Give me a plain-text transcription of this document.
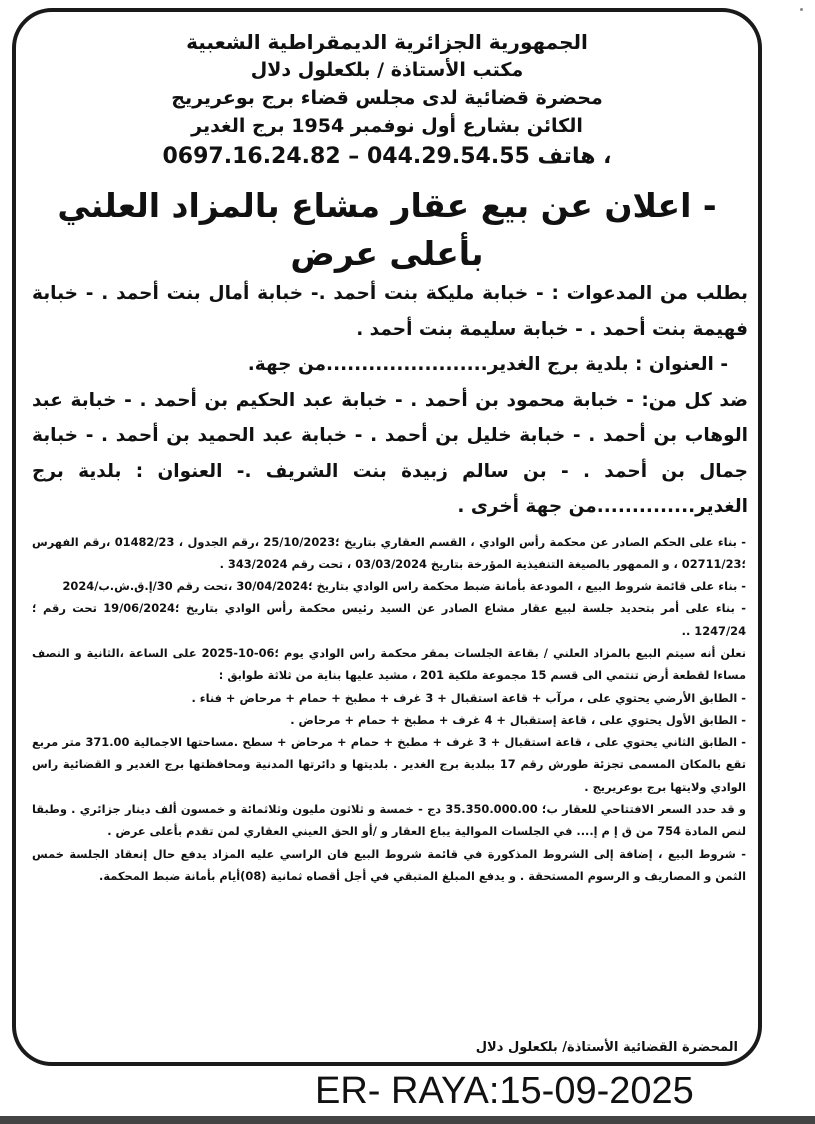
الجمهورية الجزائرية الديمقراطية الشعبية
مكتب الأستاذة / بلكعلول دلال
محضرة قضائية لدى مجلس قضاء برج بوعريريج
الكائن بشارع أول نوفمبر 1954 برج الغدير
، هاتف 0697.16.24.82 – 044.29.54.55
- اعلان عن بيع عقار مشاع بالمزاد العلني
بأعلى عرض
بطلب من المدعوات : - خبابة مليكة بنت أحمد .- خبابة أمال بنت أحمد . - خبابة فهيمة بنت أحمد . - خبابة سليمة بنت أحمد .
- العنوان : بلدية برج الغدير.......................من جهة.
ضد كل من: - خبابة محمود بن أحمد . - خبابة عبد الحكيم بن أحمد . - خبابة عبد الوهاب بن أحمد . - خبابة خليل بن أحمد . - خبابة عبد الحميد بن أحمد . - خبابة جمال بن أحمد . - بن سالم زبيدة بنت الشريف .- العنوان : بلدية برج الغدير..............من جهة أخرى .

- بناء على الحكم الصادر عن محكمة رأس الوادي ، القسم العقاري بتاريخ ؛25/10/2023 ،رقم الجدول ، 01482/23 ،رقم الفهرس ؛02711/23 ، و الممهور بالصيغة التنفيذية المؤرخة بتاريخ 03/03/2024 ، تحت رقم 343/2024 .

- بناء على قائمة شروط البيع ، المودعة بأمانة ضبط محكمة راس الوادي بتاريخ ؛30/04/2024 ،تحت رقم 30/إ.ق.ش.ب/2024

- بناء على أمر بتحديد جلسة لبيع عقار مشاع الصادر عن السيد رئيس محكمة رأس الوادي بتاريخ ؛19/06/2024 تحت رقم ؛1247/24 ..

نعلن أنه سيتم البيع بالمزاد العلني / بقاعة الجلسات بمقر محكمة راس الوادي يوم ؛06-10-2025 على الساعة ،الثانية و النصف مساءا لقطعة أرض تنتمي الى قسم 15 مجموعة ملكية 201 ، مشيد عليها بناية من ثلاثة طوابق :

- الطابق الأرضي يحتوي على ، مرآب + قاعة استقبال + 3 غرف + مطبخ + حمام + مرحاض + فناء .

- الطابق الأول يحتوي على ، قاعة إستقبال + 4 غرف + مطبخ + حمام + مرحاض .

- الطابق الثاني يحتوي على ، قاعة استقبال + 3 غرف + مطبخ + حمام + مرحاض + سطح .مساحتها الاجمالية 371.00 متر مربع تقع بالمكان المسمى تجزئة طورش رقم 17 ببلدية برج الغدير . بلديتها و دائرتها المدنية ومحافظتها برج الغدير و القضائية راس الوادي ولايتها برج بوعريريج .

و قد حدد السعر الافتتاحي للعقار ب؛ 35.350.000.00 دج - خمسة و ثلاثون مليون وثلاثمائة و خمسون ألف دينار جزائري . وطبقا لنص المادة 754 من ق إ م إ.... في الجلسات الموالية يباع العقار و /أو الحق العيني العقاري لمن تقدم بأعلى عرض .

- شروط البيع ، إضافة إلى الشروط المذكورة في قائمة شروط البيع فان الراسي عليه المزاد يدفع حال إنعقاد الجلسة خمس الثمن و المصاريف و الرسوم المستحقة . و يدفع المبلغ المتبقي في أجل أقصاه ثمانية (08)أيام بأمانة ضبط المحكمة.

المحضرة القضائية الأستاذة/ بلكعلول دلال
ER- RAYA:15-09-2025
